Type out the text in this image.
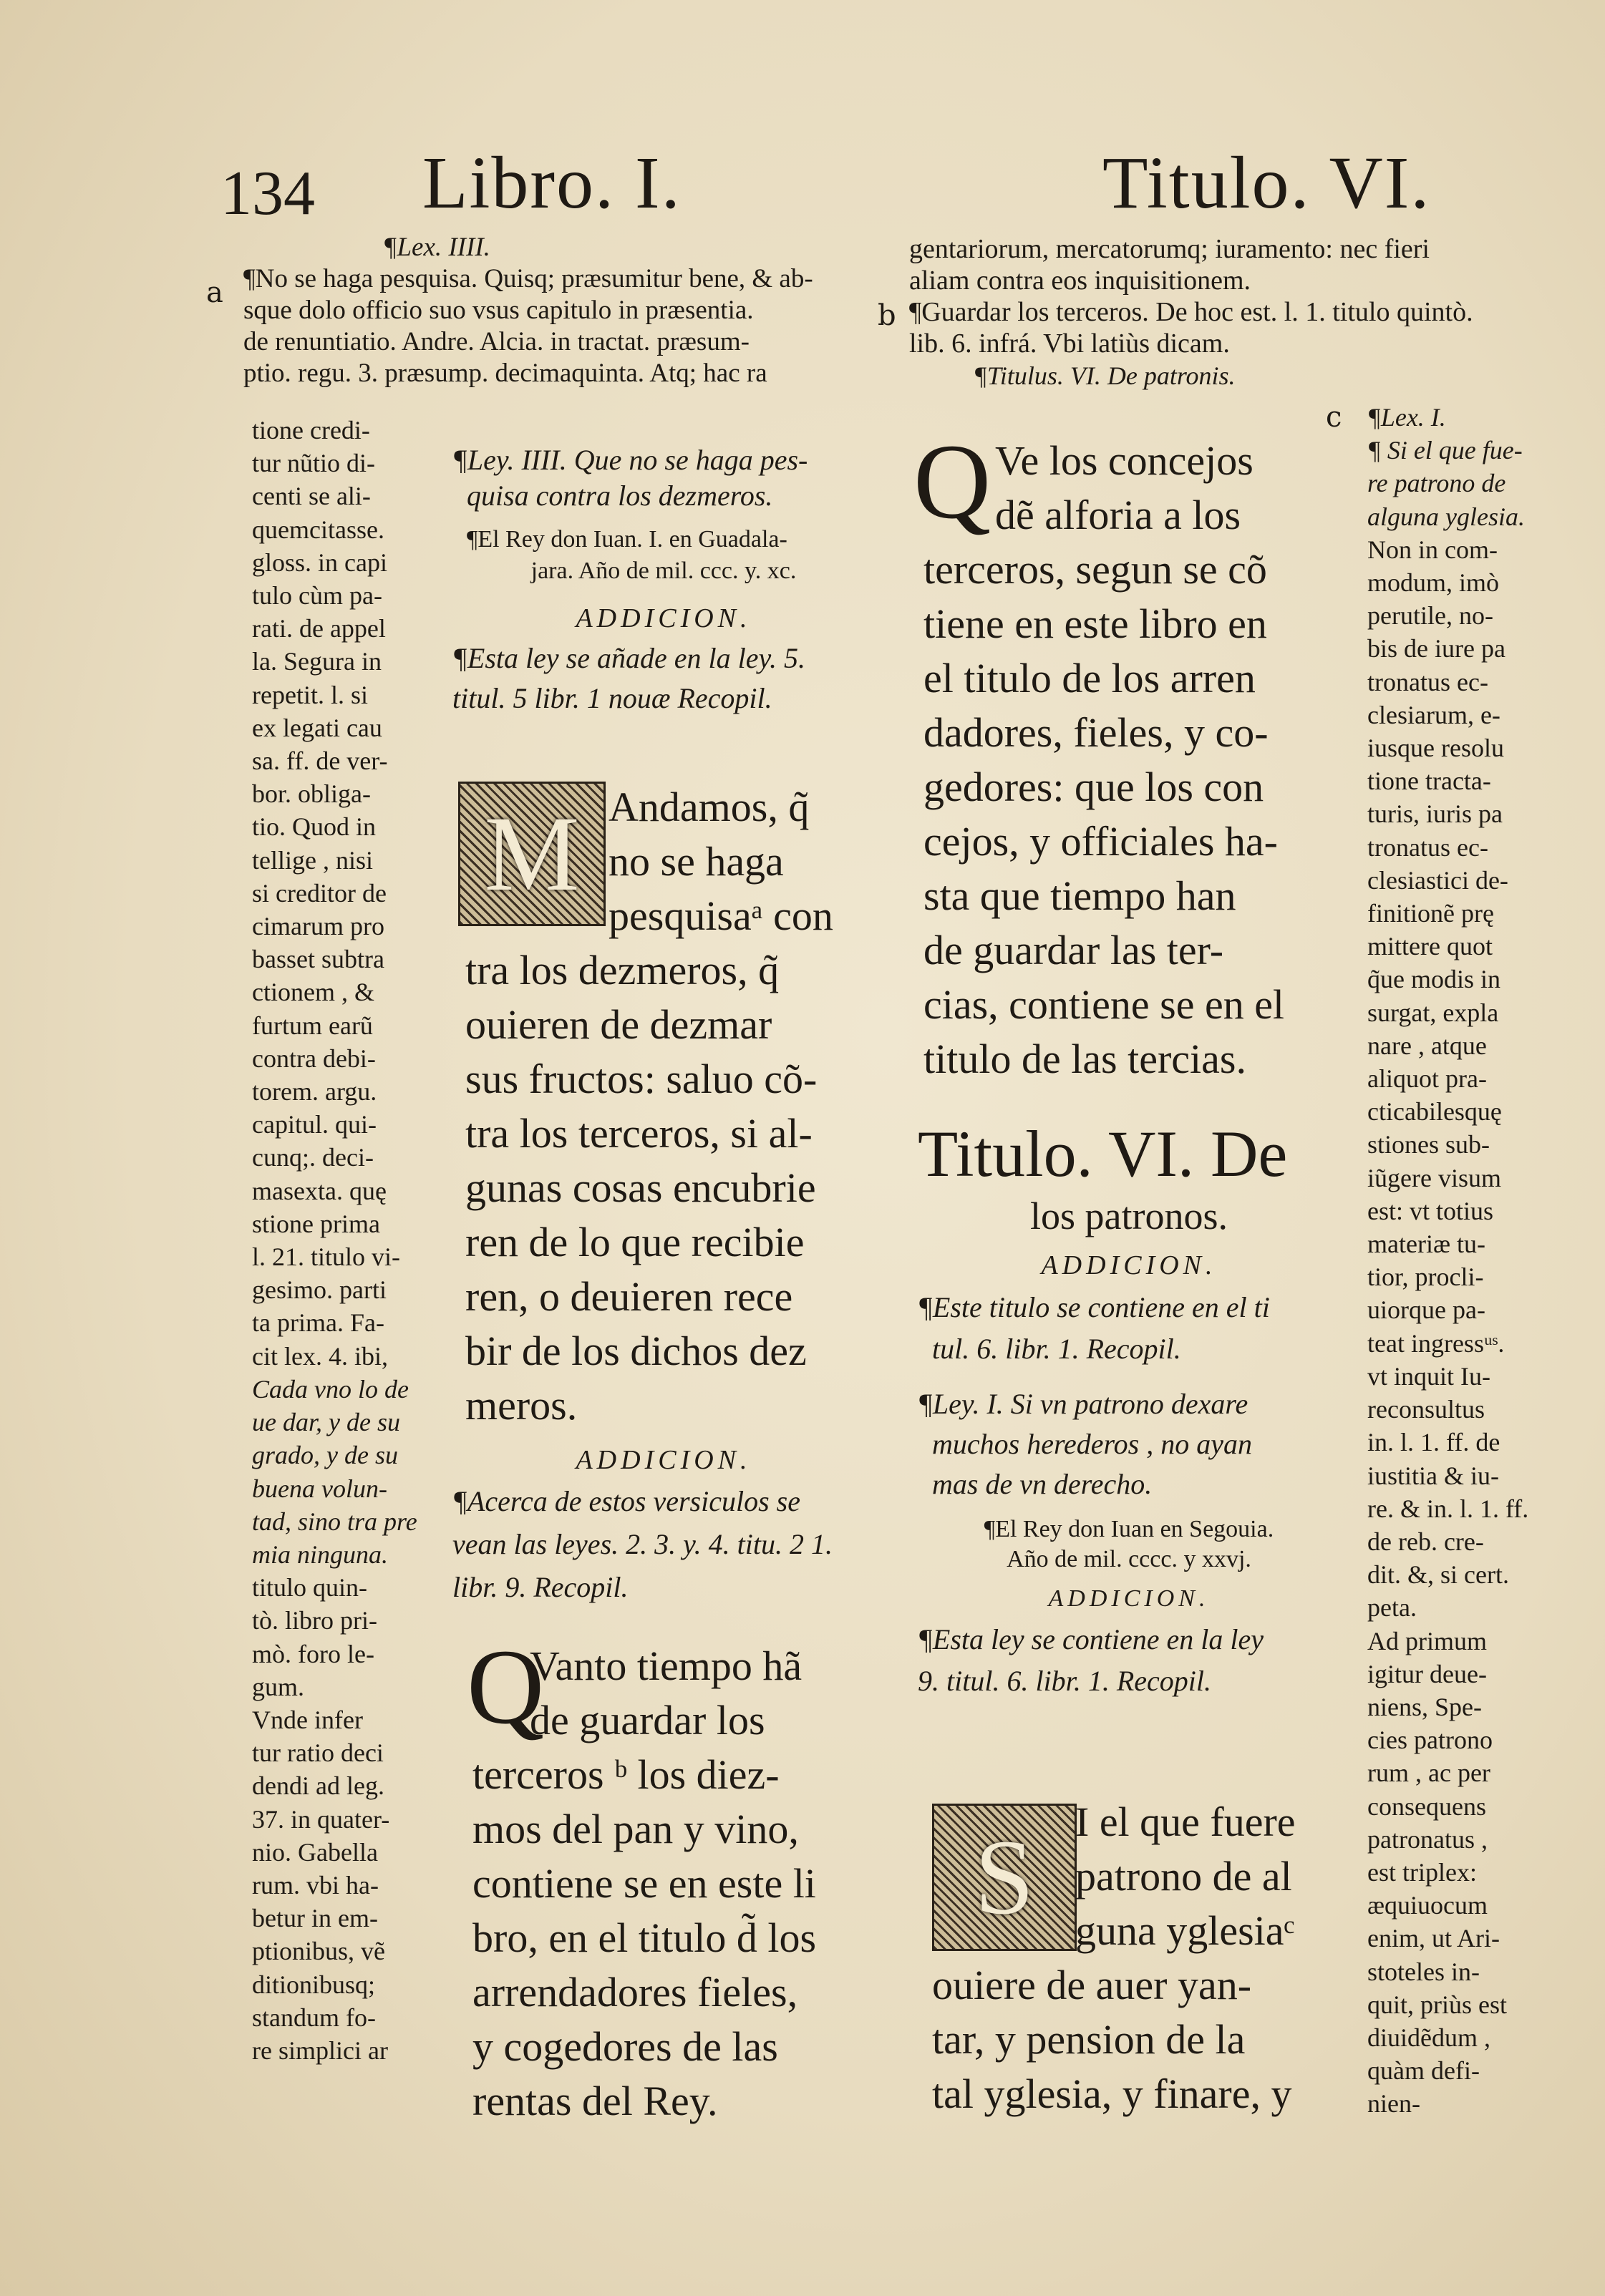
134 Libro. I.	Titulo. VI.
a
b
c
¶Lex. IIII.
¶No se haga pesquisa. Quisq; præsumitur bene, & ab-
sque dolo officio suo vsus capitulo in præsentia.
de renuntiatio. Andre. Alcia. in tractat. præsum-
ptio. regu. 3. præsump. decimaquinta. Atq; hac ra
tione credi-
tur nũtio di-
centi se ali-
quemcitasse.
gloss. in capi
tulo cùm pa-
rati. de appel
la. Segura in
repetit. l. si
ex legati cau
sa. ff. de ver-
bor. obliga-
tio. Quod in
tellige , nisi
si creditor de
cimarum pro
basset subtra
ctionem , &
furtum earũ
contra debi-
torem. argu.
capitul. qui-
cunq;. deci-
masexta. quę
stione prima
l. 21. titulo vi-
gesimo. parti
ta prima. Fa-
cit lex. 4. ibi,
Cada vno lo de
ue dar, y de su
grado, y de su
buena volun-
tad, sino tra pre
mia ninguna.
titulo quin-
tò. libro pri-
mò. foro le-
gum.
Vnde infer
tur ratio deci
dendi ad leg.
37. in quater-
nio. Gabella
rum. vbi ha-
betur in em-
ptionibus, vẽ
ditionibusq;
standum fo-
re simplici ar
¶Ley. IIII. Que no se haga pes-
quisa contra los dezmeros.
¶El Rey don Iuan. I. en Guadala-
jara. Año de mil. ccc. y. xc.
ADDICION.
¶Esta ley se añade en la ley. 5.
titul. 5 libr. 1 nouæ Recopil.
M Andamos, q̃
no se haga
pesquisaᵃ con
tra los dezmeros, q̃
ouieren de dezmar
sus fructos: saluo cõ-
tra los terceros, si al-
gunas cosas encubrie
ren de lo que recibie
ren, o deuieren rece
bir de los dichos dez
meros.
ADDICION.
¶Acerca de estos versiculos se
vean las leyes. 2. 3. y. 4. titu. 2 1.
libr. 9. Recopil.
Q
Vanto tiempo hã
de guardar los
terceros ᵇ los diez-
mos del pan y vino,
contiene se en este li
bro, en el titulo d̃ los
arrendadores fieles,
y cogedores de las
rentas del Rey.
gentariorum, mercatorumq; iuramento: nec fieri
aliam contra eos inquisitionem.
¶Guardar los terceros. De hoc est. l. 1. titulo quintò.
lib. 6. infrá. Vbi latiùs dicam.
¶Titulus. VI. De patronis.
Q Ve los concejos
dẽ alforia a los
terceros, segun se cõ
tiene en este libro en
el titulo de los arren
dadores, fieles, y co-
gedores: que los con
cejos, y officiales ha-
sta que tiempo han
de guardar las ter-
cias, contiene se en el
titulo de las tercias.
Titulo. VI. De
los patronos.
ADDICION.
¶Este titulo se contiene en el ti
tul. 6. libr. 1. Recopil.
¶Ley. I. Si vn patrono dexare
muchos herederos , no ayan
mas de vn derecho.
¶El Rey don Iuan en Segouia.
Año de mil. cccc. y xxvj.
ADDICION.
¶Esta ley se contiene en la ley
9. titul. 6. libr. 1. Recopil.
S I el que fuere
patrono de al
guna yglesiaᶜ
ouiere de auer yan-
tar, y pension de la
tal yglesia, y finare, y
¶Lex. I.
¶ Si el que fue-
re patrono de
alguna yglesia.
Non in com-
modum, imò
perutile, no-
bis de iure pa
tronatus ec-
clesiarum, e-
iusque resolu
tione tracta-
turis, iuris pa
tronatus ec-
clesiastici de-
finitionẽ prę
mittere quot
q̃ue modis in
surgat, expla
nare , atque
aliquot pra-
cticabilesquę
stiones sub-
iũgere visum
est: vt totius
materiæ tu-
tior, procli-
uiorque pa-
teat ingressᵘˢ.
vt inquit Iu-
reconsultus
in. l. 1. ff. de
iustitia & iu-
re. & in. l. 1. ff.
de reb. cre-
dit. &, si cert.
peta.
Ad primum
igitur deue-
niens, Spe-
cies patrono
rum , ac per
consequens
patronatus ,
est triplex:
æquiuocum
enim, ut Ari-
stoteles in-
quit, priùs est
diuidẽdum ,
quàm defi-
nien-
